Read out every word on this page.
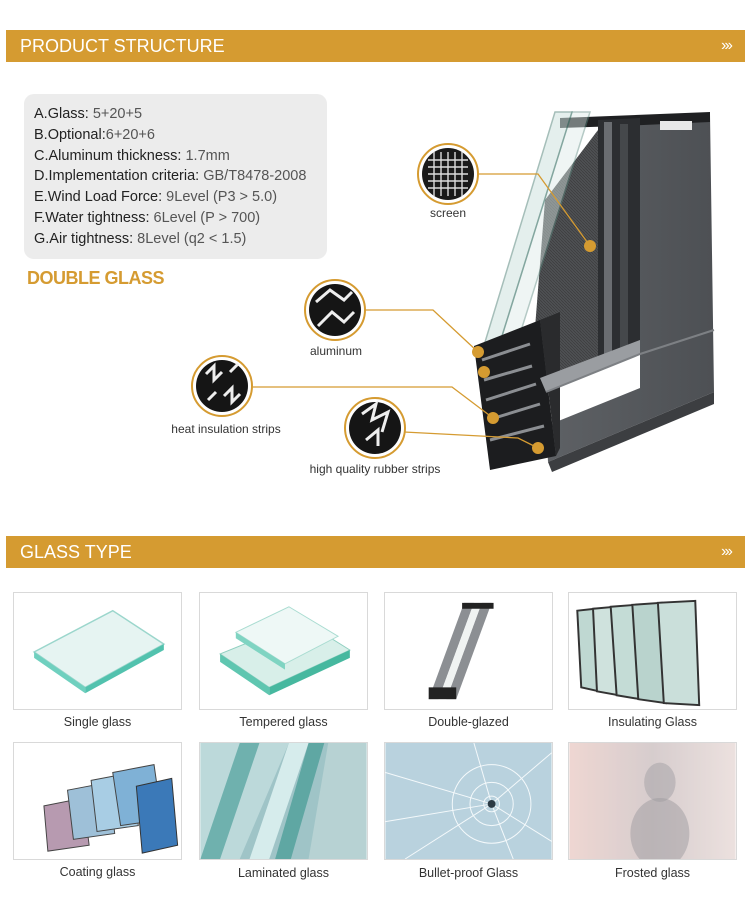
PRODUCT STRUCTURE	›››
A.Glass: 5+20+5
B.Optional:6+20+6
C.Aluminum thickness: 1.7mm
D.Implementation criteria: GB/T8478-2008
E.Wind Load Force: 9Level (P3 > 5.0)
F.Water tightness: 6Level (P > 700)
G.Air tightness: 8Level (q2 < 1.5)
DOUBLE GLASS
screen
aluminum
heat insulation strips
high quality rubber strips
GLASS TYPE	›››
Single glass	Tempered glass	Double-glazed	Insulating Glass
Coating glass	Laminated glass	Bullet-proof Glass	Frosted glass
